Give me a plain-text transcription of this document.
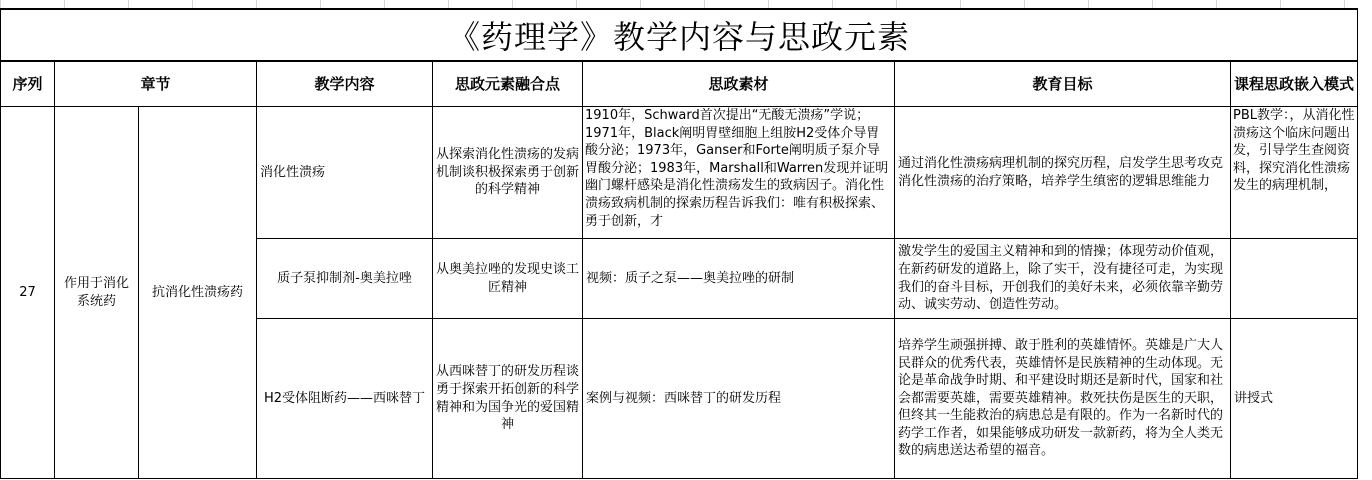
《药理学》教学内容与思政元素							
序列	章节		教学内容	思政元素融合点	思政素材	教育目标	课程思政嵌入模式
27	作用于消化系统药	抗消化性溃疡药	消化性溃疡	从探索消化性溃疡的发病机制谈积极探索勇于创新的科学精神	1910年，Schward首次提出“无酸无溃疡”学说；1971年，Black阐明胃壁细胞上组胺H2受体介导胃酸分泌；1973年，Ganser和Forte阐明质子泵介导胃酸分泌；1983年，Marshall和Warren发现并证明幽门螺杆感染是消化性溃疡发生的致病因子。消化性溃疡致病机制的探索历程告诉我们：唯有积极探索、勇于创新，才	通过消化性溃疡病理机制的探究历程，启发学生思考攻克消化性溃疡的治疗策略，培养学生缜密的逻辑思维能力	PBL教学：，从消化性溃疡这个临床问题出发，引导学生查阅资料，探究消化性溃疡发生的病理机制，
			质子泵抑制剂-奥美拉唑	从奥美拉唑的发现史谈工匠精神	视频：质子之泵——奥美拉唑的研制	激发学生的爱国主义精神和到的情操；体现劳动价值观，在新药研发的道路上，除了实干，没有捷径可走，为实现我们的奋斗目标，开创我们的美好未来，必须依靠辛勤劳动、诚实劳动、创造性劳动。	
			H2受体阻断药——西咪替丁	从西咪替丁的研发历程谈勇于探索开拓创新的科学精神和为国争光的爱国精神	案例与视频：西咪替丁的研发历程	培养学生顽强拼搏、敢于胜利的英雄情怀。英雄是广大人民群众的优秀代表，英雄情怀是民族精神的生动体现。无论是革命战争时期、和平建设时期还是新时代，国家和社会都需要英雄，需要英雄精神。救死扶伤是医生的天职，但终其一生能救治的病患总是有限的。作为一名新时代的药学工作者，如果能够成功研发一款新药，将为全人类无数的病患送达希望的福音。	讲授式
